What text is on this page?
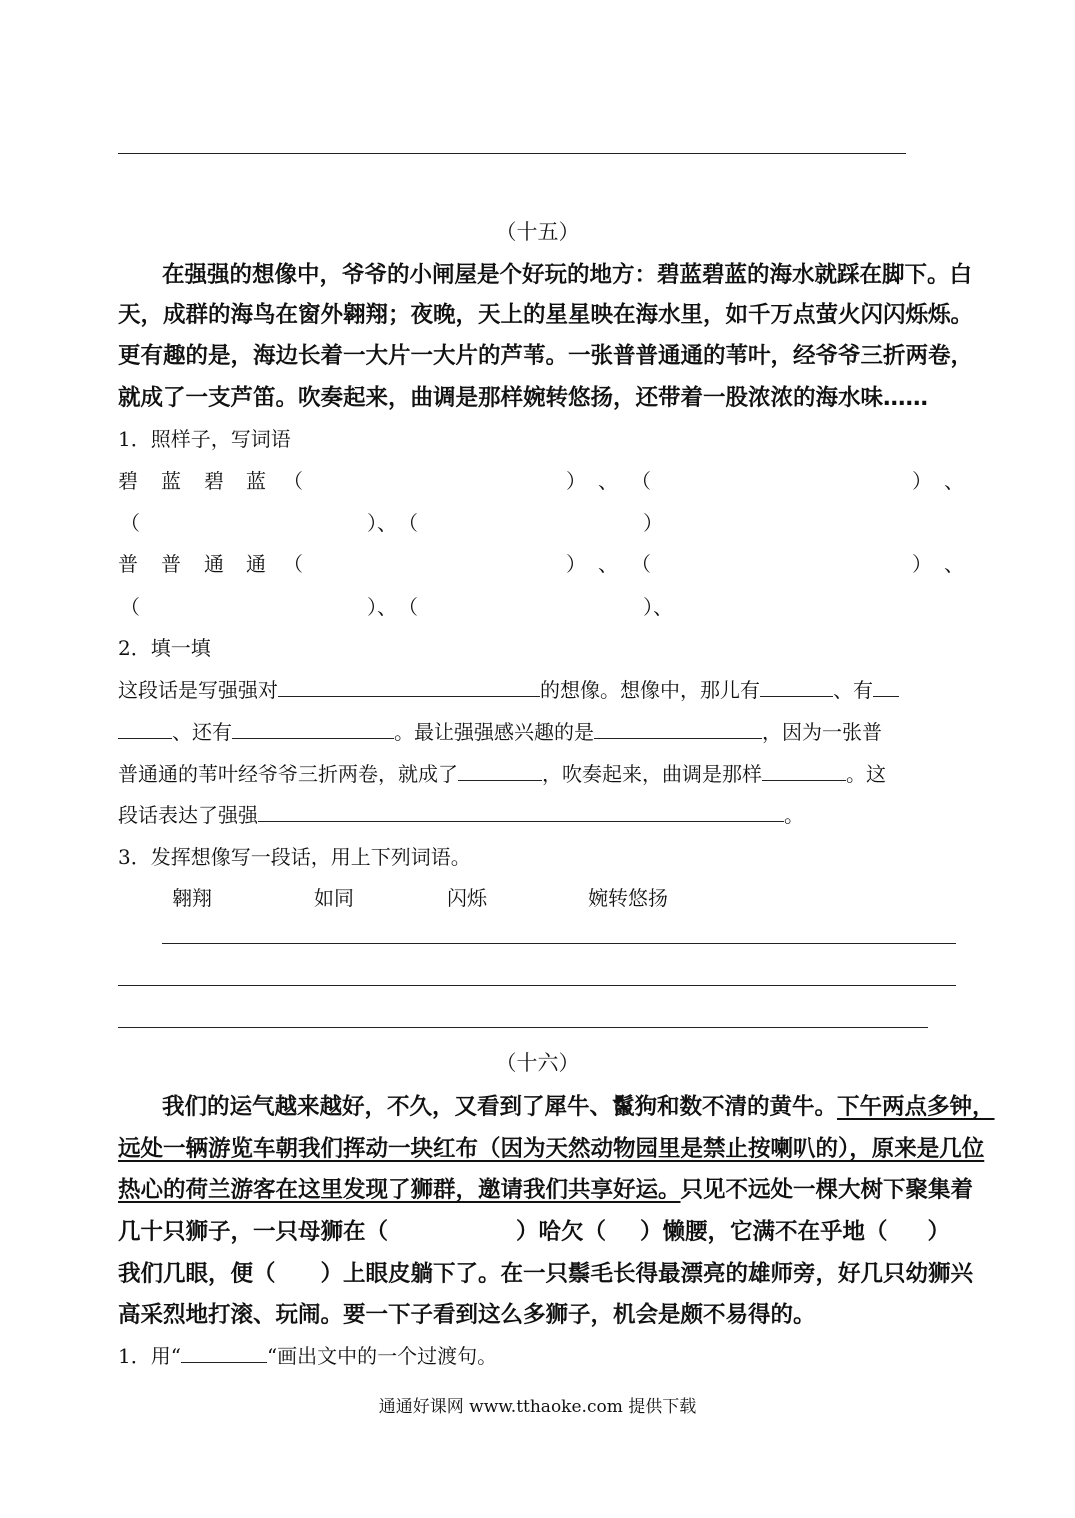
（十五）
在强强的想像中，爷爷的小闸屋是个好玩的地方：碧蓝碧蓝的海水就踩在脚下。白
天，成群的海鸟在窗外翱翔；夜晚，天上的星星映在海水里，如千万点萤火闪闪烁烁。
更有趣的是，海边长着一大片一大片的芦苇。一张普普通通的苇叶，经爷爷三折两卷，
就成了一支芦笛。吹奏起来，曲调是那样婉转悠扬，还带着一股浓浓的海水味……
1．照样子，写词语
碧 蓝 碧 蓝 （	） 、 （	） 、
（	）、 （	）
普 普 通 通 （	） 、 （	） 、
（	）、 （	）、
2．填一填
这段话是写强强对	的想像。想像中，那儿有	、有
、还有	。最让强强感兴趣的是	，因为一张普
普通通的苇叶经爷爷三折两卷，就成了	，吹奏起来，曲调是那样	。这
段话表达了强强	。
3．发挥想像写一段话，用上下列词语。
翱翔	如同	闪烁	婉转悠扬
（十六）
我们的运气越来越好，不久，又看到了犀牛、鬣狗和数不清的黄牛。下午两点多钟，
远处一辆游览车朝我们挥动一块红布（因为天然动物园里是禁止按喇叭的），原来是几位
热心的荷兰游客在这里发现了狮群，邀请我们共享好运。只见不远处一棵大树下聚集着
几十只狮子，一只母狮在（	）哈欠（ ）懒腰，它满不在乎地（ ）
我们几眼，便（ ）上眼皮躺下了。在一只鬃毛长得最漂亮的雄师旁，好几只幼狮兴
高采烈地打滚、玩闹。要一下子看到这么多狮子，机会是颇不易得的。
1．用“	“画出文中的一个过渡句。
通通好课网 www.tthaoke.com 提供下载
